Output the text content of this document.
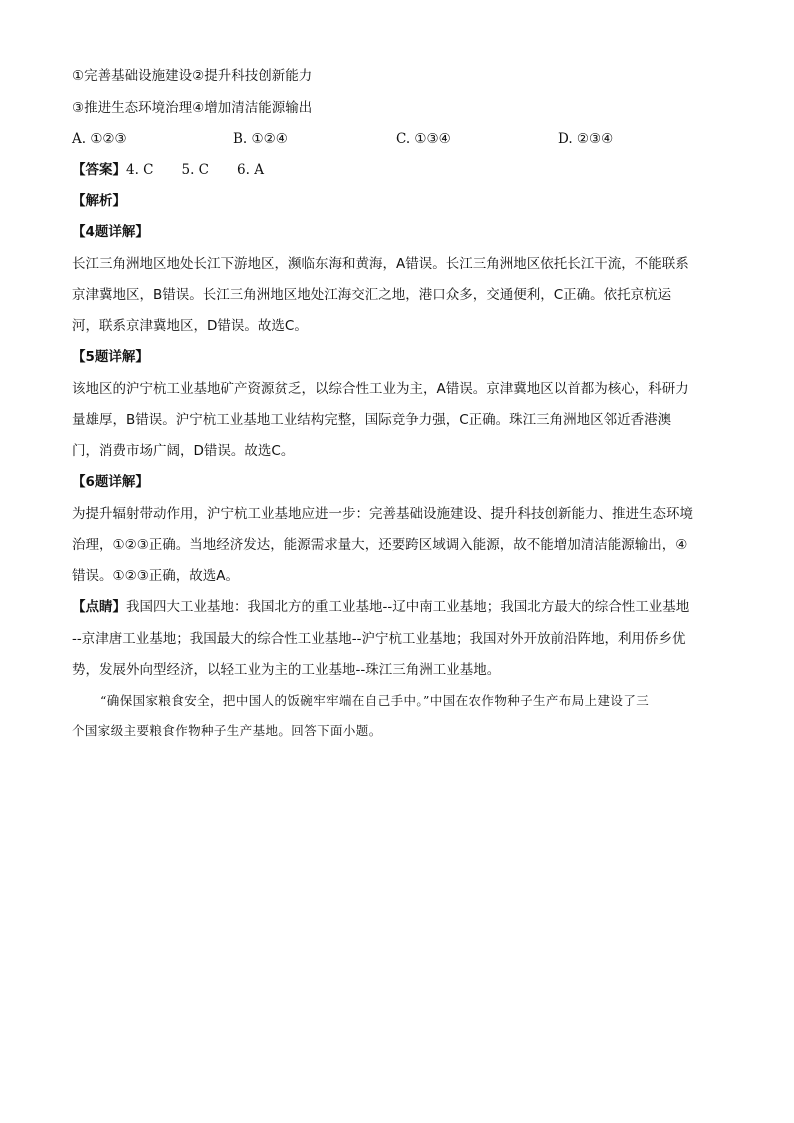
①完善基础设施建设②提升科技创新能力
③推进生态环境治理④增加清洁能源输出
A. ①②③	B. ①②④	C. ①③④	D. ②③④
【答案】4. C 5. C 6. A
【解析】
【4题详解】
长江三角洲地区地处长江下游地区，濒临东海和黄海，A错误。长江三角洲地区依托长江干流，不能联系
京津冀地区，B错误。长江三角洲地区地处江海交汇之地，港口众多，交通便利，C正确。依托京杭运
河，联系京津冀地区，D错误。故选C。
【5题详解】
该地区的沪宁杭工业基地矿产资源贫乏，以综合性工业为主，A错误。京津冀地区以首都为核心，科研力
量雄厚，B错误。沪宁杭工业基地工业结构完整，国际竞争力强，C正确。珠江三角洲地区邻近香港澳
门，消费市场广阔，D错误。故选C。
【6题详解】
为提升辐射带动作用，沪宁杭工业基地应进一步：完善基础设施建设、提升科技创新能力、推进生态环境
治理，①②③正确。当地经济发达，能源需求量大，还要跨区域调入能源，故不能增加清洁能源输出，④
错误。①②③正确，故选A。
【点睛】我国四大工业基地：我国北方的重工业基地--辽中南工业基地；我国北方最大的综合性工业基地
--京津唐工业基地；我国最大的综合性工业基地--沪宁杭工业基地；我国对外开放前沿阵地，利用侨乡优
势，发展外向型经济，以轻工业为主的工业基地--珠江三角洲工业基地。
“确保国家粮食安全，把中国人的饭碗牢牢端在自己手中。”中国在农作物种子生产布局上建设了三
个国家级主要粮食作物种子生产基地。回答下面小题。
